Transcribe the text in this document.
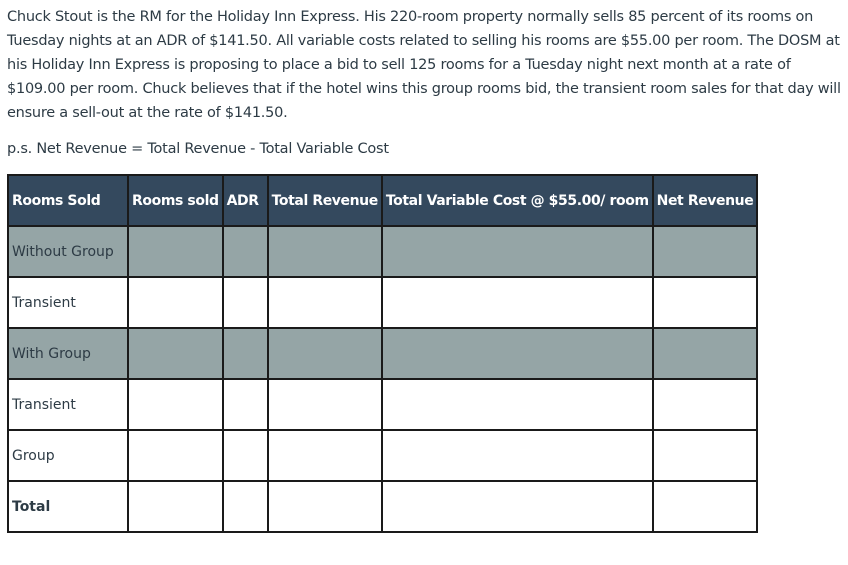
Chuck Stout is the RM for the Holiday Inn Express. His 220-room property normally sells 85 percent of its rooms on Tuesday nights at an ADR of $141.50. All variable costs related to selling his rooms are $55.00 per room. The DOSM at his Holiday Inn Express is proposing to place a bid to sell 125 rooms for a Tuesday night next month at a rate of $109.00 per room. Chuck believes that if the hotel wins this group rooms bid, the transient room sales for that day will ensure a sell-out at the rate of $141.50.

p.s. Net Revenue = Total Revenue - Total Variable Cost

Rooms Sold	Rooms sold	ADR	Total Revenue	Total Variable Cost @ $55.00/ room	Net Revenue
Without Group					
Transient					
With Group					
Transient					
Group					
Total					
